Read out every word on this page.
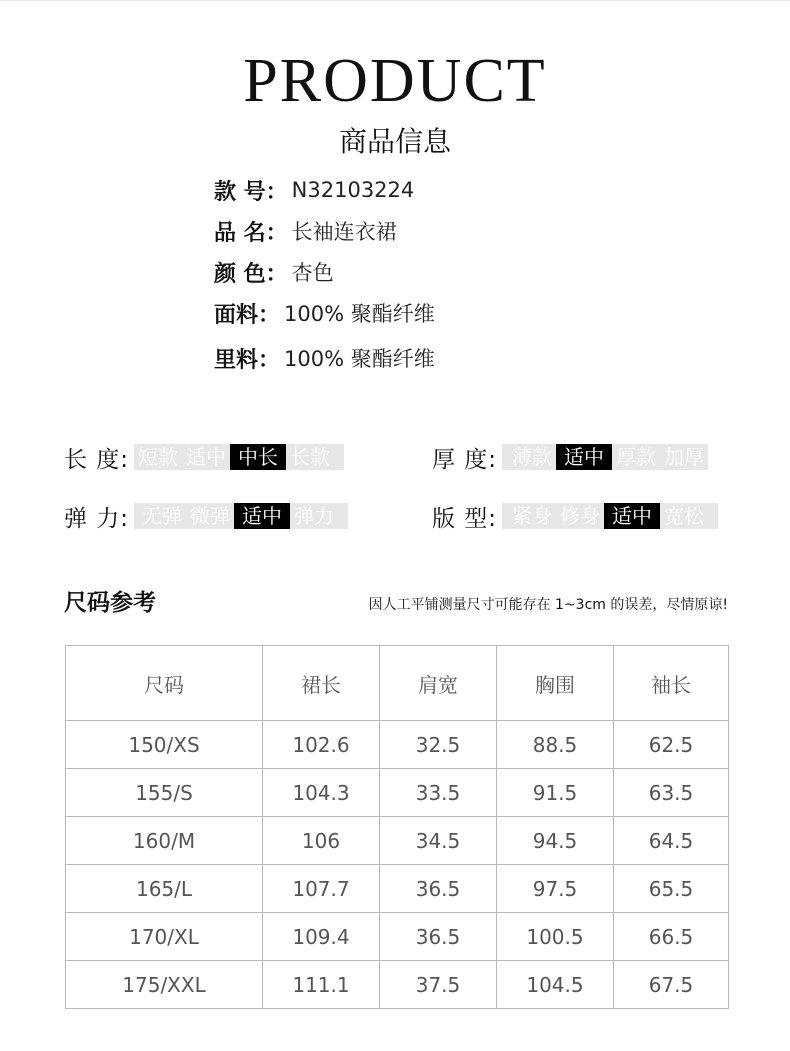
PRODUCT
商品信息
款 号： N32103224
品 名： 长袖连衣裙
颜 色： 杏色
面料： 100% 聚酯纤维
里料： 100% 聚酯纤维
长 度: 短款 适中 中长 长款	厚 度: 薄款 适中 厚款 加厚
弹 力: 无弹 微弹 适中 弹力	版 型: 紧身 修身 适中 宽松
尺码参考	因人工平铺测量尺寸可能存在 1~3cm 的误差，尽情原谅!
尺码	裙长	肩宽	胸围	袖长
150/XS	102.6	32.5	88.5	62.5
155/S	104.3	33.5	91.5	63.5
160/M	106	34.5	94.5	64.5
165/L	107.7	36.5	97.5	65.5
170/XL	109.4	36.5	100.5	66.5
175/XXL	111.1	37.5	104.5	67.5
